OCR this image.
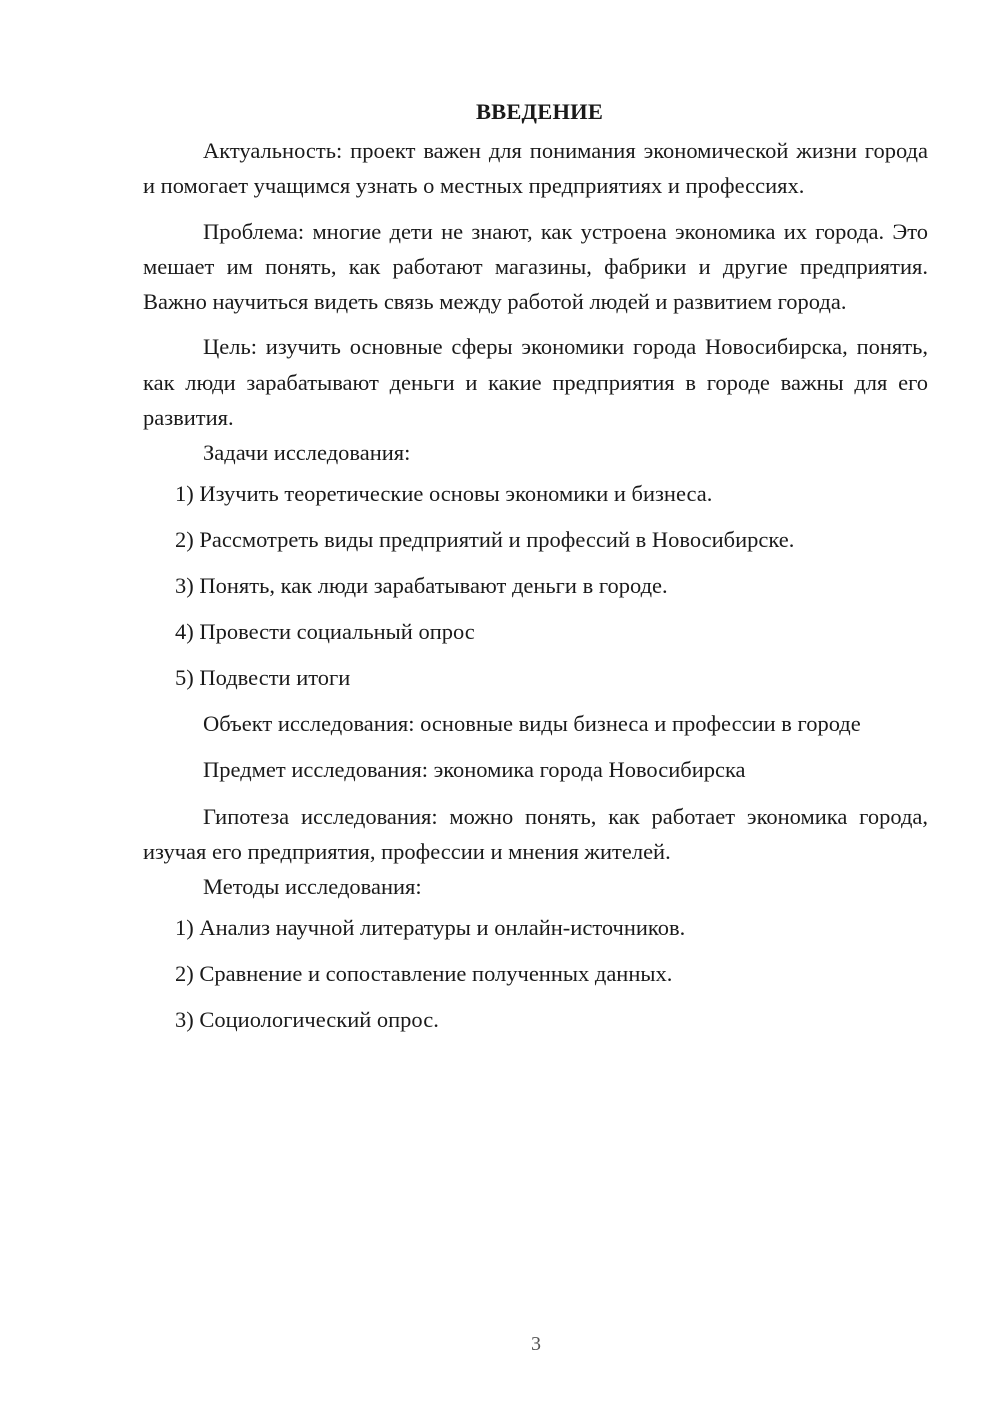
ВВЕДЕНИЕ

Актуальность: проект важен для понимания экономической жизни города и помогает учащимся узнать о местных предприятиях и профессиях.

Проблема: многие дети не знают, как устроена экономика их города. Это мешает им понять, как работают магазины, фабрики и другие предприятия. Важно научиться видеть связь между работой людей и развитием города.

Цель: изучить основные сферы экономики города Новосибирска, понять, как люди зарабатывают деньги и какие предприятия в городе важны для его развития.

Задачи исследования:

1) Изучить теоретические основы экономики и бизнеса.
2) Рассмотреть виды предприятий и профессий в Новосибирске.
3) Понять, как люди зарабатывают деньги в городе.
4) Провести социальный опрос
5) Подвести итоги

Объект исследования: основные виды бизнеса и профессии в городе

Предмет исследования: экономика города Новосибирска

Гипотеза исследования: можно понять, как работает экономика города, изучая его предприятия, профессии и мнения жителей.

Методы исследования:

1) Анализ научной литературы и онлайн-источников.
2) Сравнение и сопоставление полученных данных.
3) Социологический опрос.
3
